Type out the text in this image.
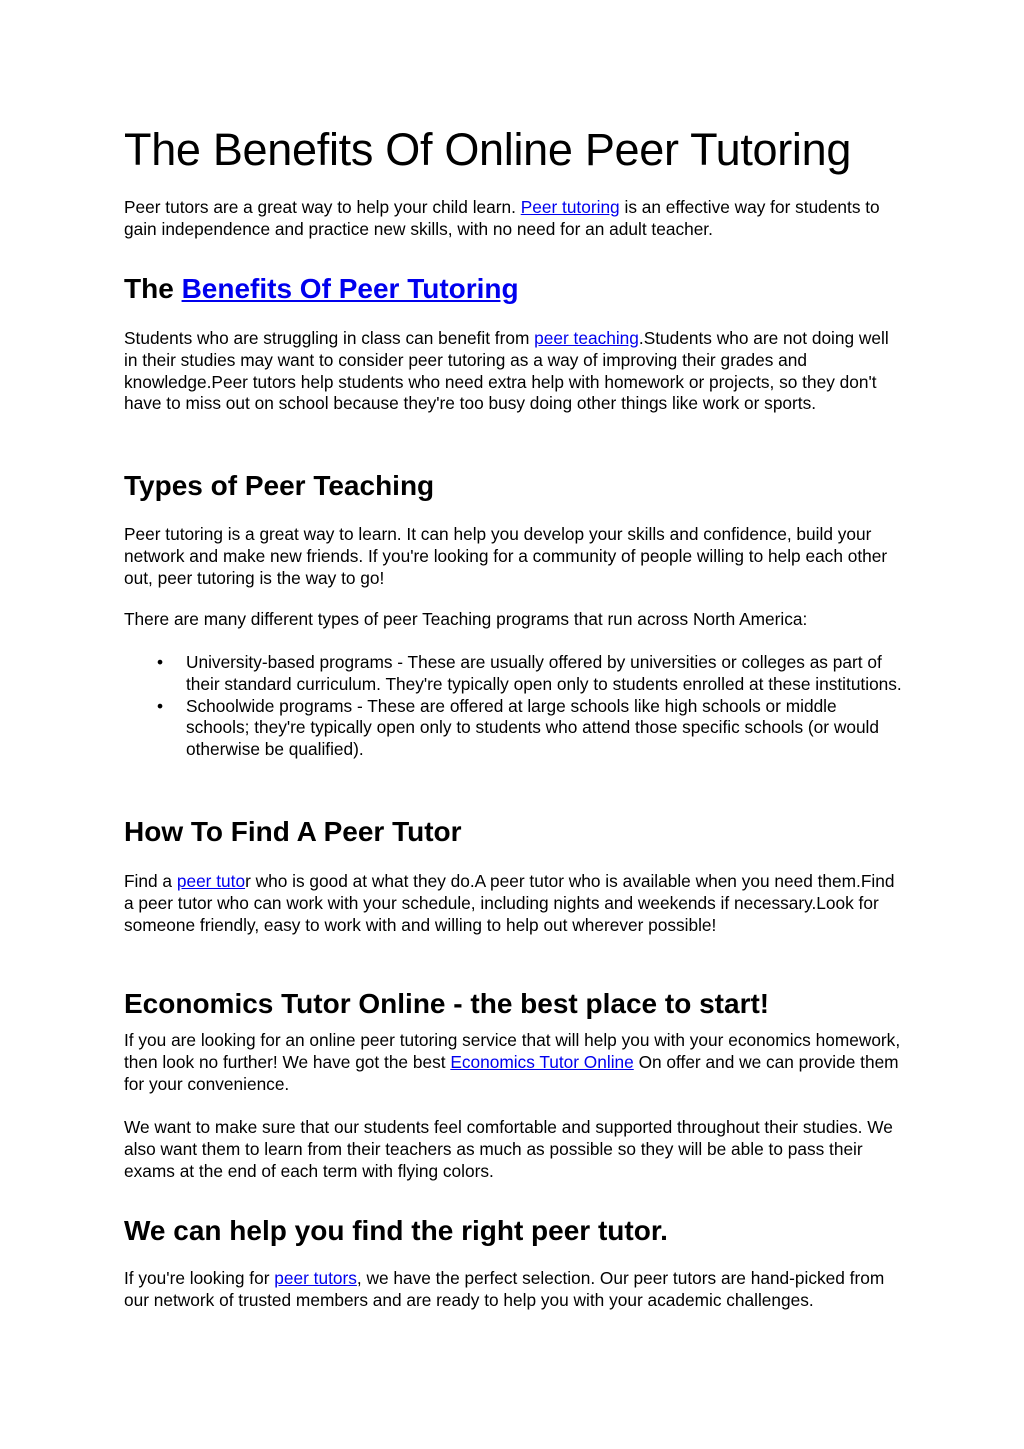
The Benefits Of Online Peer Tutoring

Peer tutors are a great way to help your child learn. Peer tutoring is an effective way for students to gain independence and practice new skills, with no need for an adult teacher.

The Benefits Of Peer Tutoring

Students who are struggling in class can benefit from peer teaching.Students who are not doing well in their studies may want to consider peer tutoring as a way of improving their grades and knowledge.Peer tutors help students who need extra help with homework or projects, so they don't have to miss out on school because they're too busy doing other things like work or sports.

Types of Peer Teaching

Peer tutoring is a great way to learn. It can help you develop your skills and confidence, build your network and make new friends. If you're looking for a community of people willing to help each other out, peer tutoring is the way to go!

There are many different types of peer Teaching programs that run across North America:

• University-based programs - These are usually offered by universities or colleges as part of their standard curriculum. They're typically open only to students enrolled at these institutions.
• Schoolwide programs - These are offered at large schools like high schools or middle schools; they're typically open only to students who attend those specific schools (or would otherwise be qualified).
How To Find A Peer Tutor

Find a peer tutor who is good at what they do.A peer tutor who is available when you need them.Find a peer tutor who can work with your schedule, including nights and weekends if necessary.Look for someone friendly, easy to work with and willing to help out wherever possible!

Economics Tutor Online - the best place to start!

If you are looking for an online peer tutoring service that will help you with your economics homework, then look no further! We have got the best Economics Tutor Online On offer and we can provide them for your convenience.

We want to make sure that our students feel comfortable and supported throughout their studies. We also want them to learn from their teachers as much as possible so they will be able to pass their exams at the end of each term with flying colors.

We can help you find the right peer tutor.

If you're looking for peer tutors, we have the perfect selection. Our peer tutors are hand-picked from our network of trusted members and are ready to help you with your academic challenges.
